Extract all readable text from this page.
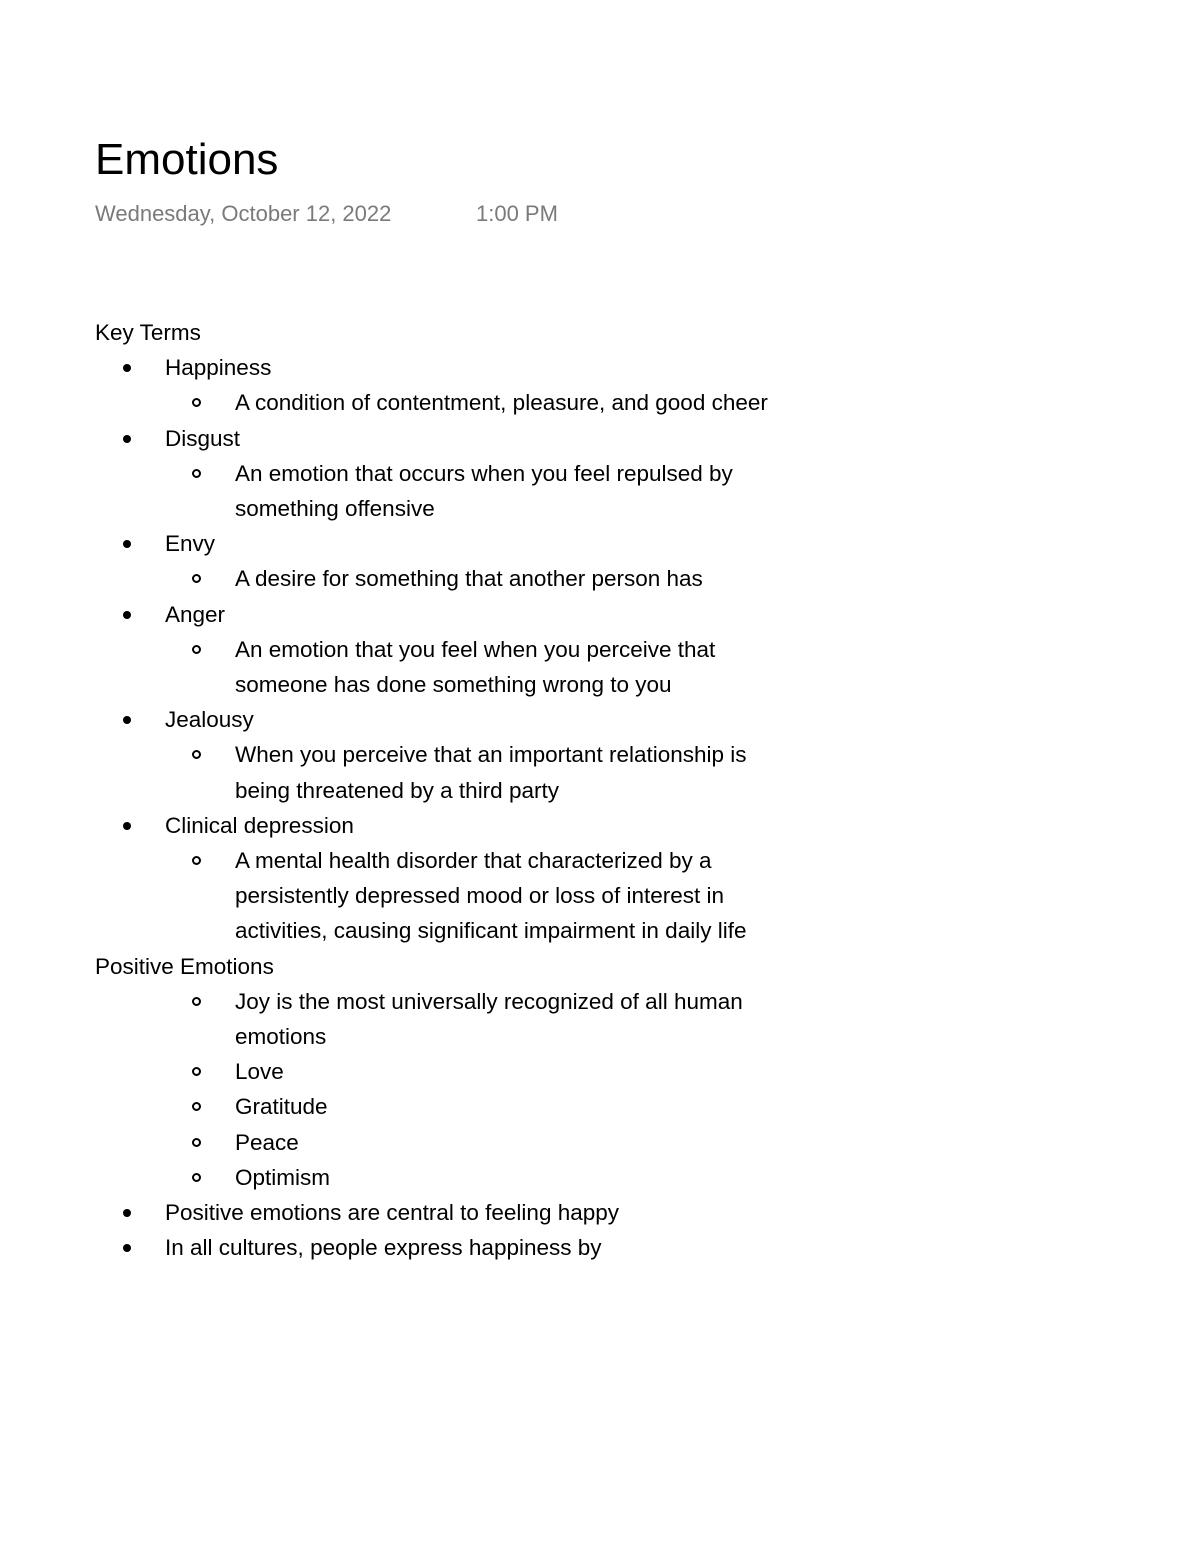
Emotions
Wednesday, October 12, 2022	1:00 PM
Key Terms
Happiness
A condition of contentment, pleasure, and good cheer
Disgust
An emotion that occurs when you feel repulsed by something offensive
Envy
A desire for something that another person has
Anger
An emotion that you feel when you perceive that someone has done something wrong to you
Jealousy
When you perceive that an important relationship is being threatened by a third party
Clinical depression
A mental health disorder that characterized by a persistently depressed mood or loss of interest in activities, causing significant impairment in daily life
Positive Emotions
Joy is the most universally recognized of all human emotions
Love
Gratitude
Peace
Optimism
Positive emotions are central to feeling happy
In all cultures, people express happiness by
